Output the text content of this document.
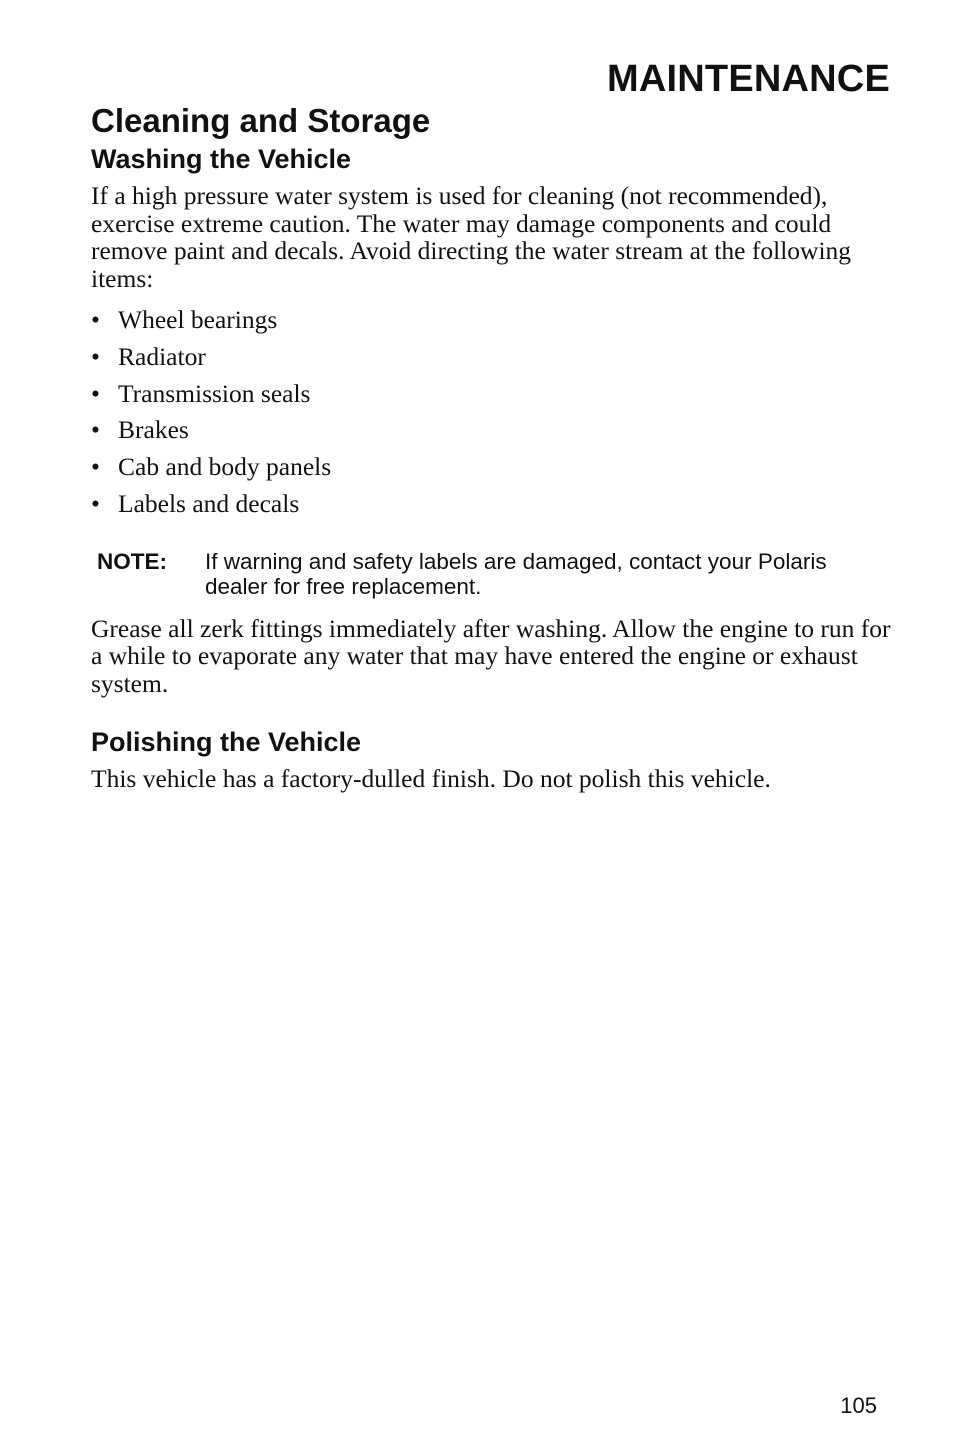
MAINTENANCE
Cleaning and Storage
Washing the Vehicle

If a high pressure water system is used for cleaning (not recommended), exercise extreme caution. The water may damage components and could remove paint and decals. Avoid directing the water stream at the following items:

• Wheel bearings
• Radiator
• Transmission seals
• Brakes
• Cab and body panels
• Labels and decals
NOTE:	If warning and safety labels are damaged, contact your Polaris dealer for free replacement.

Grease all zerk fittings immediately after washing. Allow the engine to run for a while to evaporate any water that may have entered the engine or exhaust system.

Polishing the Vehicle

This vehicle has a factory-dulled finish. Do not polish this vehicle.

105
